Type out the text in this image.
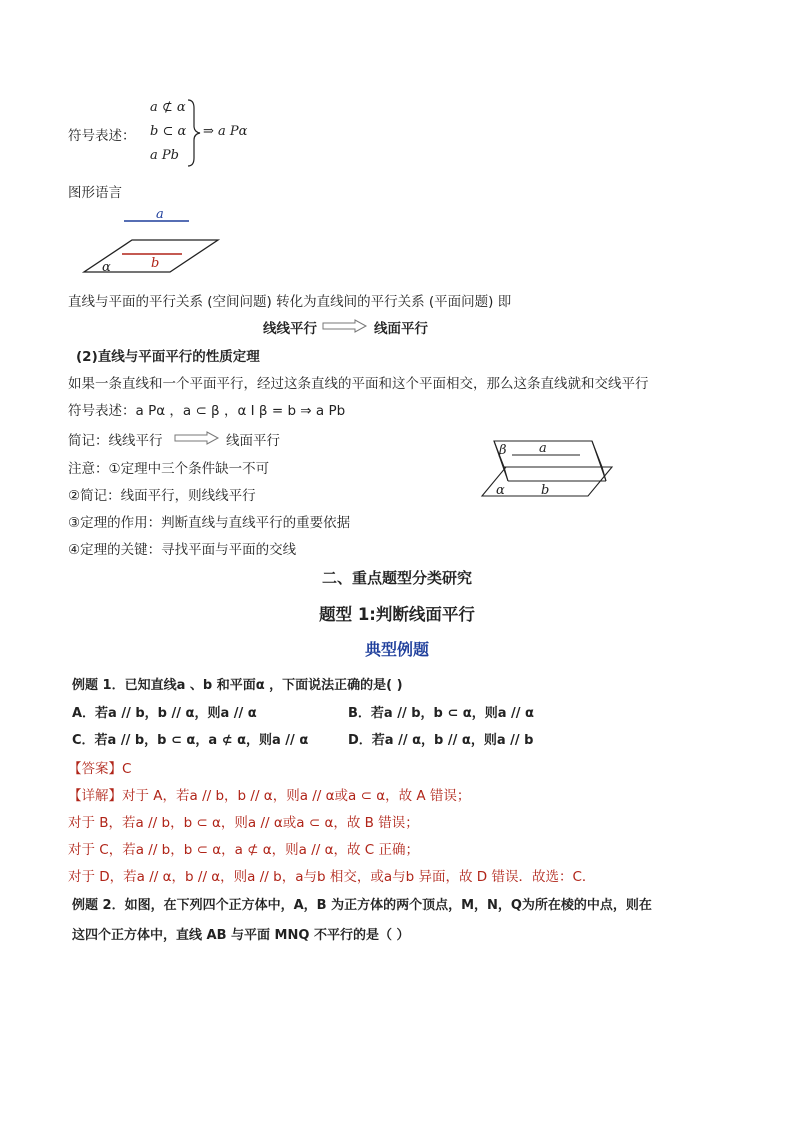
符号表述：
a ⊄ α
b ⊂ α
a Pb
⇒ a Pα
图形语言
a
b
α
直线与平面的平行关系 (空间问题) 转化为直线间的平行关系 (平面问题) 即
线线平行	线面平行
(2)直线与平面平行的性质定理
如果一条直线和一个平面平行，经过这条直线的平面和这个平面相交，那么这条直线就和交线平行
符号表述：a Pα ，a ⊂ β ，α I β = b ⇒ a Pb
简记：线线平行	线面平行
注意：①定理中三个条件缺一不可
②简记：线面平行，则线线平行
③定理的作用：判断直线与直线平行的重要依据
④定理的关键：寻找平面与平面的交线
β a
α	b
二、重点题型分类研究
题型 1:判断线面平行
典型例题
例题 1．已知直线a 、b 和平面α ，下面说法正确的是( )
A．若a // b，b // α，则a // α	B．若a // b，b ⊂ α，则a // α
C．若a // b，b ⊂ α，a ⊄ α，则a // α	D．若a // α，b // α，则a // b
【答案】C
【详解】对于 A，若a // b，b // α，则a // α或a ⊂ α，故 A 错误；
对于 B，若a // b，b ⊂ α，则a // α或a ⊂ α，故 B 错误；
对于 C，若a // b，b ⊂ α，a ⊄ α，则a // α，故 C 正确；
对于 D，若a // α，b // α，则a // b，a与b 相交，或a与b 异面，故 D 错误．故选：C．
例题 2．如图，在下列四个正方体中，A，B 为正方体的两个顶点，M，N，Q为所在棱的中点，则在
这四个正方体中，直线 AB 与平面 MNQ 不平行的是（ ）
